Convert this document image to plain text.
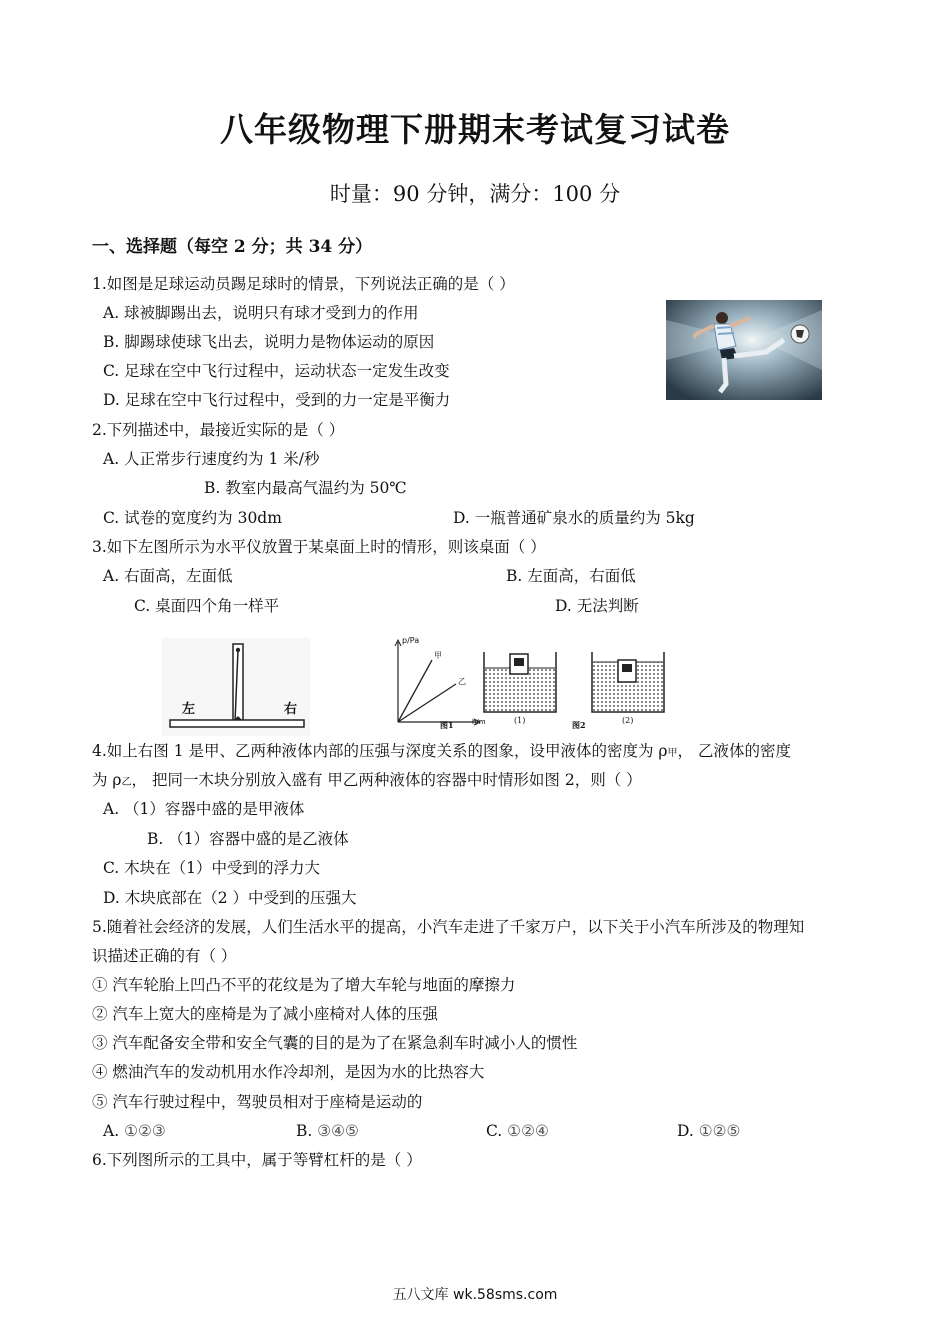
八年级物理下册期末考试复习试卷
时量：90 分钟，满分：100 分
一、选择题（每空 2 分；共 34 分）
1.如图是足球运动员踢足球时的情景，下列说法正确的是（ ）
A. 球被脚踢出去，说明只有球才受到力的作用
B. 脚踢球使球飞出去，说明力是物体运动的原因
C. 足球在空中飞行过程中，运动状态一定发生改变
D. 足球在空中飞行过程中，受到的力一定是平衡力
2.下列描述中，最接近实际的是（ ）
A. 人正常步行速度约为 1 米/秒
B. 教室内最高气温约为 50℃
C. 试卷的宽度约为 30dm	D. 一瓶普通矿泉水的质量约为 5kg
3.如下左图所示为水平仪放置于某桌面上时的情形，则该桌面（ ）
A. 右面高，左面低	B. 左面高，右面低
C. 桌面四个角一样平	D. 无法判断
左	右
p/Pa
h/m
甲
乙
图1	(1)	图2	(2)
4.如上右图 1 是甲、乙两种液体内部的压强与深度关系的图象，设甲液体的密度为 ρ甲， 乙液体的密度
为 ρ乙， 把同一木块分别放入盛有 甲乙两种液体的容器中时情形如图 2，则（ ）
A. （1）容器中盛的是甲液体
B. （1）容器中盛的是乙液体
C. 木块在（1）中受到的浮力大
D. 木块底部在（2 ）中受到的压强大
5.随着社会经济的发展，人们生活水平的提高，小汽车走进了千家万户，以下关于小汽车所涉及的物理知
识描述正确的有（ ）
① 汽车轮胎上凹凸不平的花纹是为了增大车轮与地面的摩擦力
② 汽车上宽大的座椅是为了减小座椅对人体的压强
③ 汽车配备安全带和安全气囊的目的是为了在紧急刹车时减小人的惯性
④ 燃油汽车的发动机用水作冷却剂，是因为水的比热容大
⑤ 汽车行驶过程中，驾驶员相对于座椅是运动的
A. ①②③	B. ③④⑤	C. ①②④	D. ①②⑤
6.下列图所示的工具中，属于等臂杠杆的是（ ）
五八文库 wk.58sms.com
